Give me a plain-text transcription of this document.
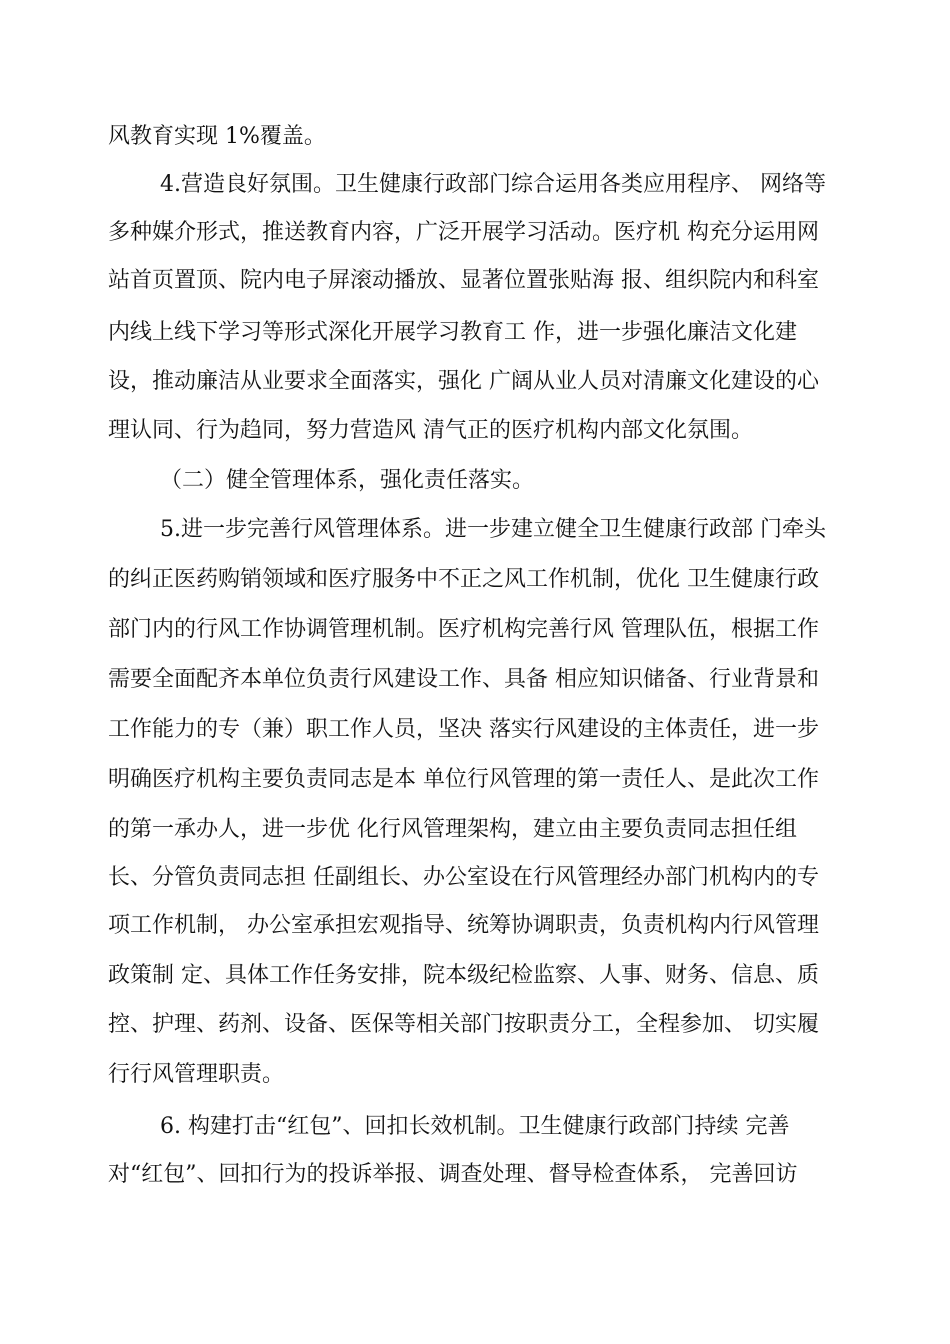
风教育实现 1%覆盖。
4.营造良好氛围。卫生健康行政部门综合运用各类应用程序、 网络等
多种媒介形式，推送教育内容，广泛开展学习活动。医疗机 构充分运用网
站首页置顶、院内电子屏滚动播放、显著位置张贴海 报、组织院内和科室
内线上线下学习等形式深化开展学习教育工 作，进一步强化廉洁文化建
设，推动廉洁从业要求全面落实，强化 广阔从业人员对清廉文化建设的心
理认同、行为趋同，努力营造风 清气正的医疗机构内部文化氛围。
（二）健全管理体系，强化责任落实。
5.进一步完善行风管理体系。进一步建立健全卫生健康行政部 门牵头
的纠正医药购销领域和医疗服务中不正之风工作机制，优化 卫生健康行政
部门内的行风工作协调管理机制。医疗机构完善行风 管理队伍，根据工作
需要全面配齐本单位负责行风建设工作、具备 相应知识储备、行业背景和
工作能力的专（兼）职工作人员，坚决 落实行风建设的主体责任，进一步
明确医疗机构主要负责同志是本 单位行风管理的第一责任人、是此次工作
的第一承办人，进一步优 化行风管理架构，建立由主要负责同志担任组
长、分管负责同志担 任副组长、办公室设在行风管理经办部门机构内的专
项工作机制， 办公室承担宏观指导、统筹协调职责，负责机构内行风管理
政策制 定、具体工作任务安排，院本级纪检监察、人事、财务、信息、质
控、护理、药剂、设备、医保等相关部门按职责分工，全程参加、 切实履
行行风管理职责。
6. 构建打击“红包”、回扣长效机制。卫生健康行政部门持续 完善
对“红包”、回扣行为的投诉举报、调查处理、督导检查体系， 完善回访
